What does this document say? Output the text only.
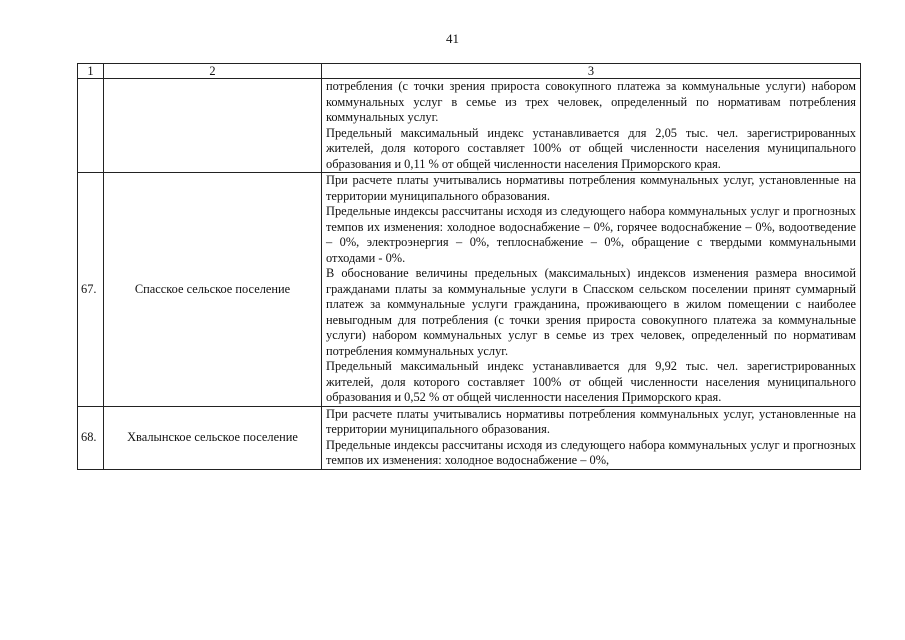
41
1	2	3

		потребления (с точки зрения прироста совокупного платежа за коммунальные услуги) набором коммунальных услуг в семье из трех человек, определенный по нормативам потребления коммунальных услуг.

Предельный максимальный индекс устанавливается для 2,05 тыс. чел. зарегистрированных жителей, доля которого составляет 100% от общей численности населения муниципального образования и 0,11 % от общей численности населения Приморского края.

67.	Спасское сельское поселение	При расчете платы учитывались нормативы потребления коммунальных услуг, установленные на территории муниципального образования.

Предельные индексы рассчитаны исходя из следующего набора коммунальных услуг и прогнозных темпов их изменения: холодное водоснабжение – 0%, горячее водоснабжение – 0%, водоотведение – 0%, электроэнергия – 0%, теплоснабжение – 0%, обращение с твердыми коммунальными отходами - 0%.

В обоснование величины предельных (максимальных) индексов изменения размера вносимой гражданами платы за коммунальные услуги в Спасском сельском поселении принят суммарный платеж за коммунальные услуги гражданина, проживающего в жилом помещении с наиболее невыгодным для потребления (с точки зрения прироста совокупного платежа за коммунальные услуги) набором коммунальных услуг в семье из трех человек, определенный по нормативам потребления коммунальных услуг.

Предельный максимальный индекс устанавливается для 9,92 тыс. чел. зарегистрированных жителей, доля которого составляет 100% от общей численности населения муниципального образования и 0,52 % от общей численности населения Приморского края.

68.	Хвалынское сельское поселение	При расчете платы учитывались нормативы потребления коммунальных услуг, установленные на территории муниципального образования.

Предельные индексы рассчитаны исходя из следующего набора коммунальных услуг и прогнозных темпов их изменения: холодное водоснабжение – 0%,
